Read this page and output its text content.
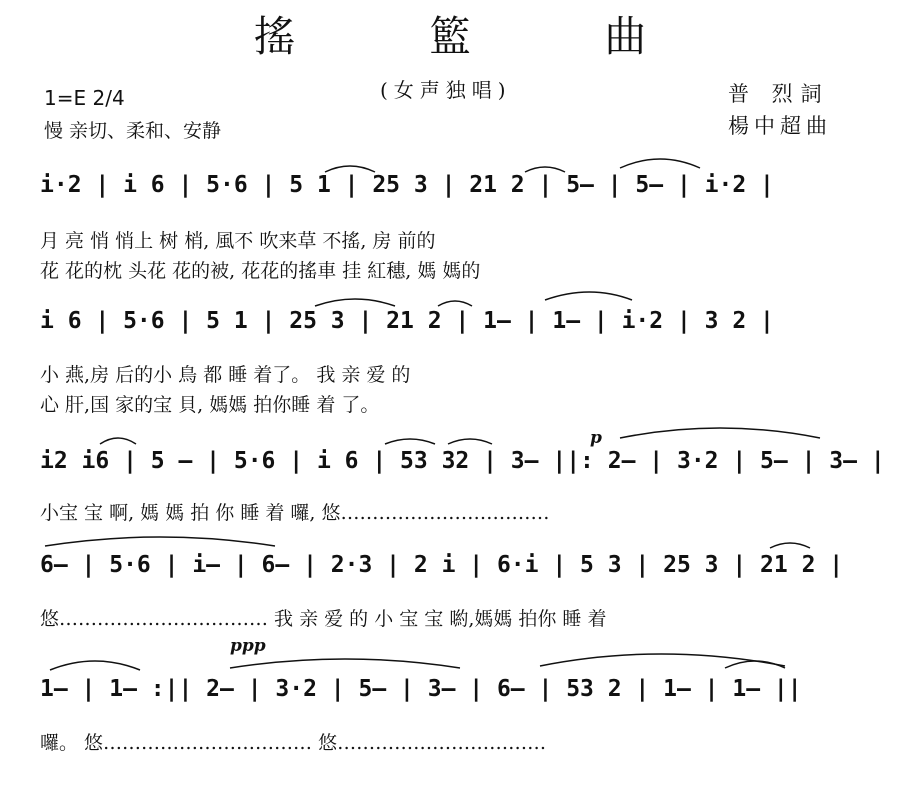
搖 籃 曲
(女声独唱)
1=E 2/4
慢 亲切、柔和、安静
普 烈詞
楊中超曲
i·2 | i 6 | 5·6 | 5 1 | 25 3 | 21 2 | 5— | 5— | i·2 |
月 亮 悄 悄上 树 梢, 風不 吹来草 不搖, 房 前的
花 花的枕 头花 花的被, 花花的搖車 挂 紅穗, 媽 媽的
i 6 | 5·6 | 5 1 | 25 3 | 21 2 | 1— | 1— | i·2 | 3 2 |
小 燕,房 后的小 鳥 都 睡 着了。 我 亲 爱 的
心 肝,国 家的宝 貝, 媽媽 拍你睡 着 了。
p
i2 i6 | 5 — | 5·6 | i 6 | 53 32 | 3— ||: 2— | 3·2 | 5— | 3— |
小宝 宝 啊, 媽 媽 拍 你 睡 着 囉, 悠……………………………
6— | 5·6 | i— | 6— | 2·3 | 2 i | 6·i | 5 3 | 25 3 | 21 2 |
悠…………………………… 我 亲 爱 的 小 宝 宝 喲,媽媽 拍你 睡 着
ppp
1— | 1— :|| 2— | 3·2 | 5— | 3— | 6— | 53 2 | 1— | 1— ||
囉。 悠…………………………… 悠……………………………
